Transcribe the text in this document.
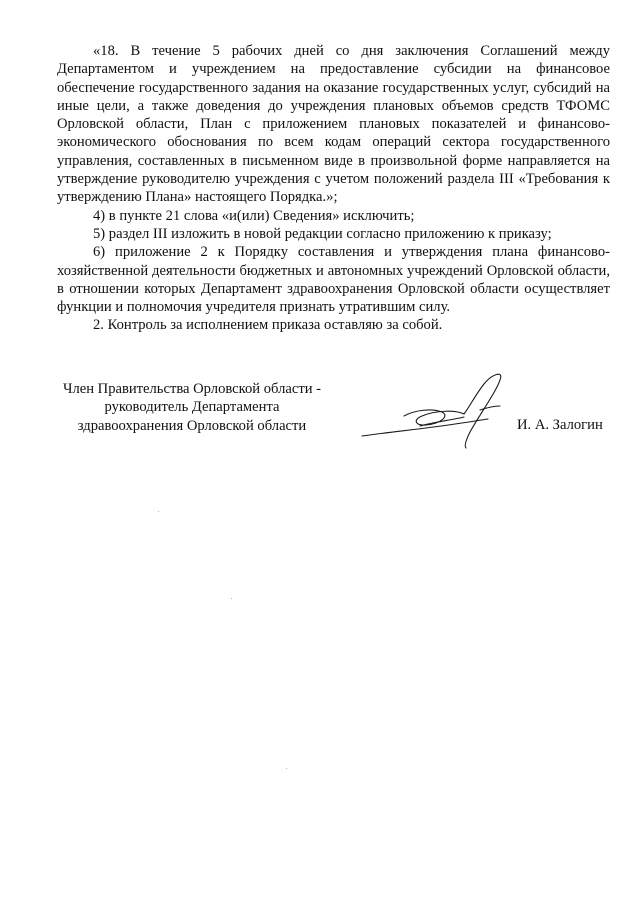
«18. В течение 5 рабочих дней со дня заключения Соглашений между Департаментом и учреждением на предоставление субсидии на финансовое обеспечение государственного задания на оказание государственных услуг, субсидий на иные цели, а также доведения до учреждения плановых объемов средств ТФОМС Орловской области, План с приложением плановых показателей и финансово-экономического обоснования по всем кодам операций сектора государственного управления, составленных в письменном виде в произвольной форме направляется на утверждение руководителю учреждения с учетом положений раздела III «Требования к утверждению Плана» настоящего Порядка.»;

4) в пункте 21 слова «и(или) Сведения» исключить;

5) раздел III изложить в новой редакции согласно приложению к приказу;

6) приложение 2 к Порядку составления и утверждения плана финансово-хозяйственной деятельности бюджетных и автономных учреждений Орловской области, в отношении которых Департамент здравоохранения Орловской области осуществляет функции и полномочия учредителя признать утратившим силу.

2. Контроль за исполнением приказа оставляю за собой.

Член Правительства Орловской области -
руководитель Департамента
здравоохранения Орловской области	И. А. Залогин
